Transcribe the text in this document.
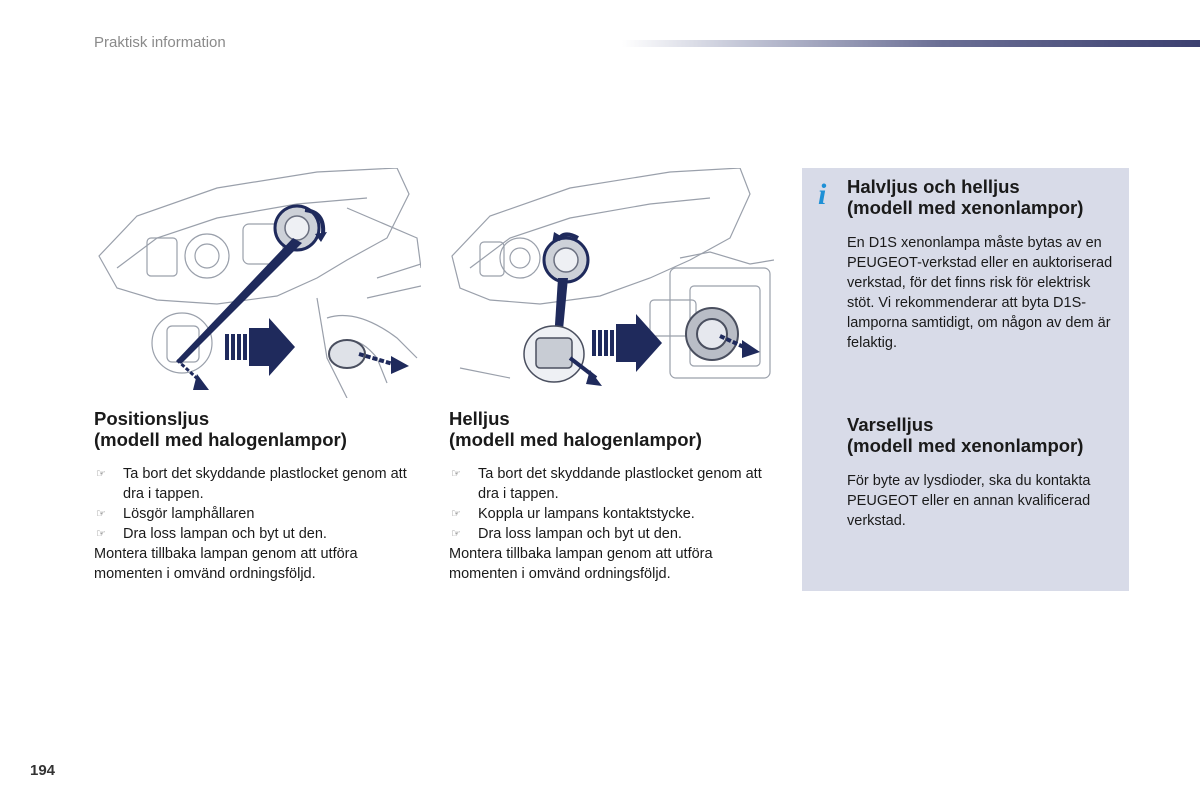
Praktisk information
Positionsljus
(modell med halogenlampor)
☞ Ta bort det skyddande plastlocket genom att dra i tappen.
☞ Lösgör lamphållaren
☞ Dra loss lampan och byt ut den.

Montera tillbaka lampan genom att utföra momenten i omvänd ordningsföljd.

Helljus
(modell med halogenlampor)
☞ Ta bort det skyddande plastlocket genom att dra i tappen.
☞ Koppla ur lampans kontaktstycke.
☞ Dra loss lampan och byt ut den.

Montera tillbaka lampan genom att utföra momenten i omvänd ordningsföljd.

i Halvljus och helljus
(modell med xenonlampor)

En D1S xenonlampa måste bytas av en PEUGEOT-verkstad eller en auktoriserad verkstad, för det finns risk för elektrisk stöt. Vi rekommenderar att byta D1S-lamporna samtidigt, om någon av dem är felaktig.

Varselljus
(modell med xenonlampor)

För byte av lysdioder, ska du kontakta PEUGEOT eller en annan kvalificerad verkstad.

194
